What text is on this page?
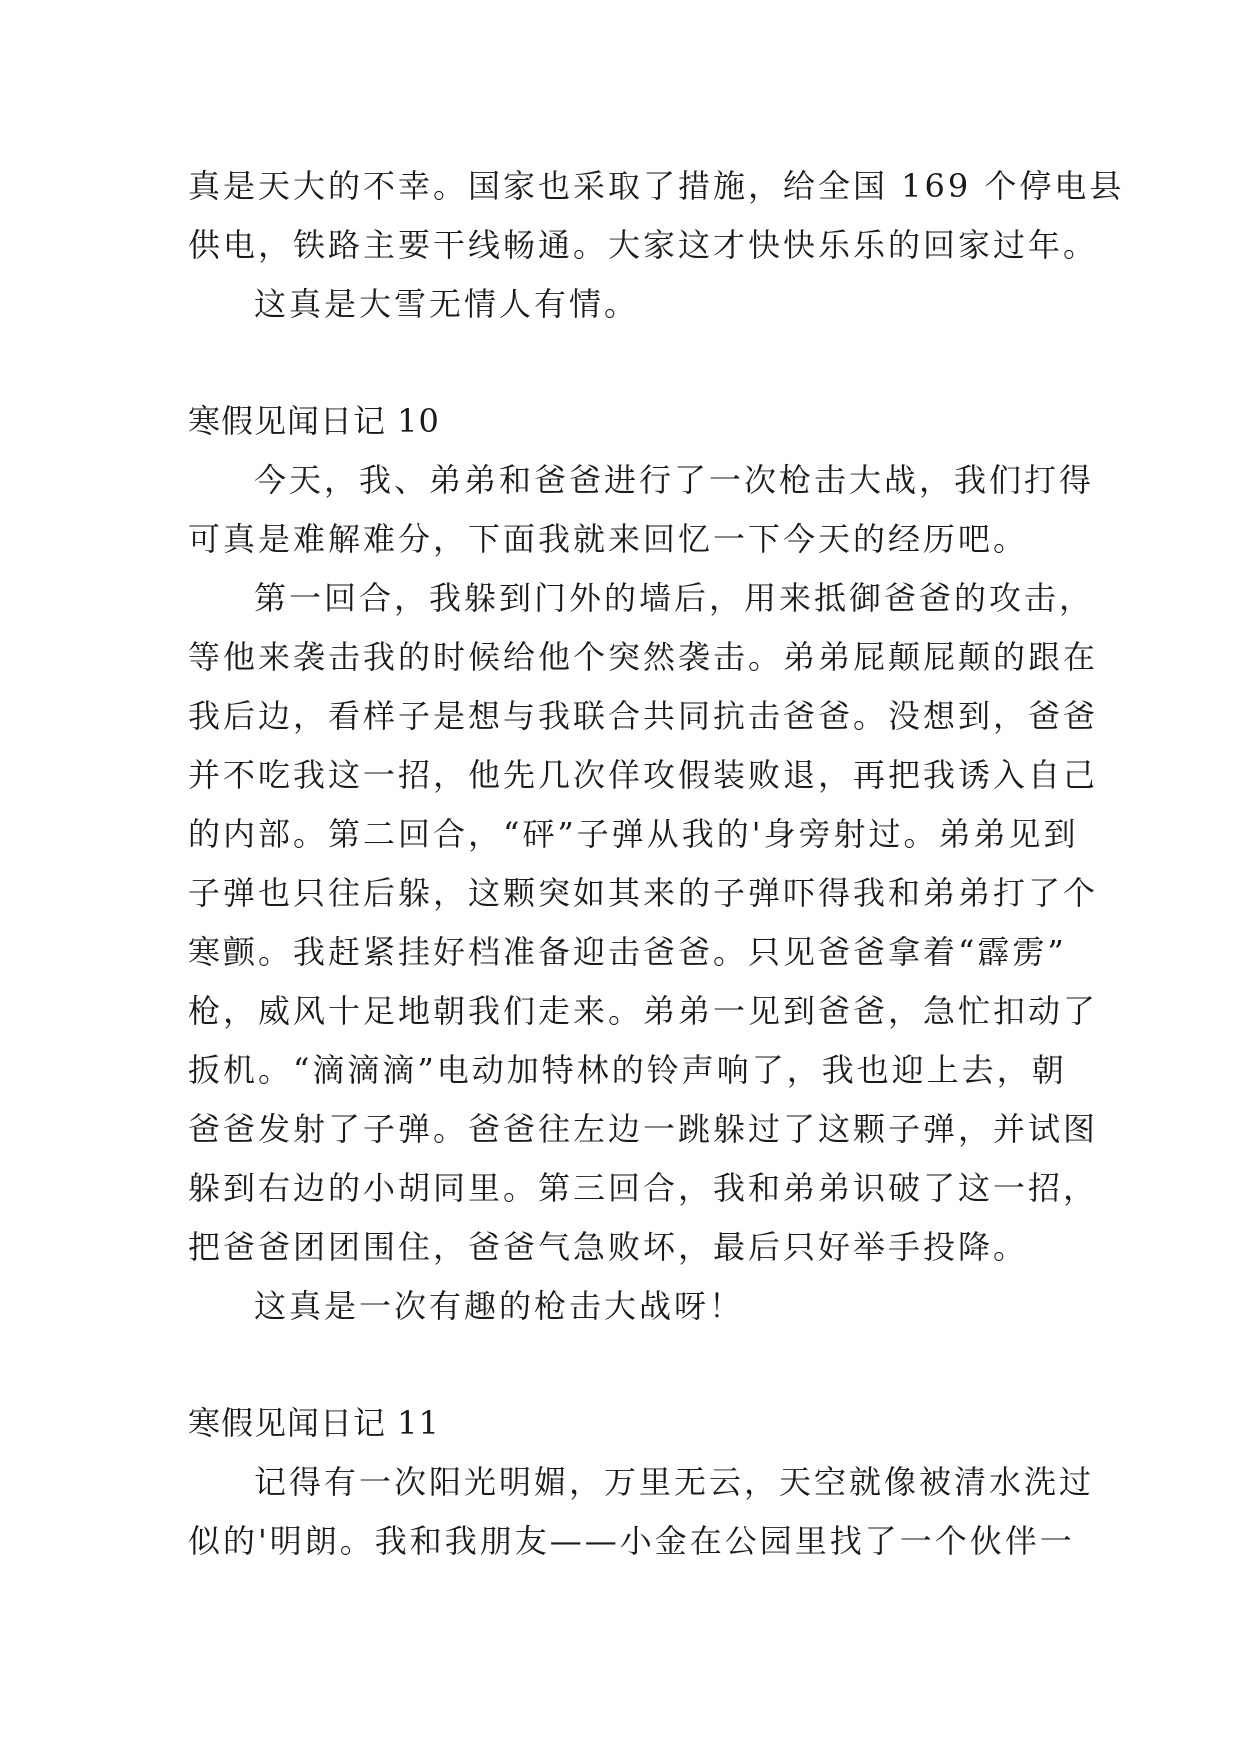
真是天大的不幸。国家也采取了措施，给全国 169 个停电县
供电，铁路主要干线畅通。大家这才快快乐乐的回家过年。
这真是大雪无情人有情。
寒假见闻日记 10
今天，我、弟弟和爸爸进行了一次枪击大战，我们打得
可真是难解难分，下面我就来回忆一下今天的经历吧。
第一回合，我躲到门外的墙后，用来抵御爸爸的攻击，
等他来袭击我的时候给他个突然袭击。弟弟屁颠屁颠的跟在
我后边，看样子是想与我联合共同抗击爸爸。没想到，爸爸
并不吃我这一招，他先几次佯攻假装败退，再把我诱入自己
的内部。第二回合，“砰”子弹从我的'身旁射过。弟弟见到
子弹也只往后躲，这颗突如其来的子弹吓得我和弟弟打了个
寒颤。我赶紧挂好档准备迎击爸爸。只见爸爸拿着“霹雳”
枪，威风十足地朝我们走来。弟弟一见到爸爸，急忙扣动了
扳机。“滴滴滴”电动加特林的铃声响了，我也迎上去，朝
爸爸发射了子弹。爸爸往左边一跳躲过了这颗子弹，并试图
躲到右边的小胡同里。第三回合，我和弟弟识破了这一招，
把爸爸团团围住，爸爸气急败坏，最后只好举手投降。
这真是一次有趣的枪击大战呀！
寒假见闻日记 11
记得有一次阳光明媚，万里无云，天空就像被清水洗过
似的'明朗。我和我朋友——小金在公园里找了一个伙伴一
